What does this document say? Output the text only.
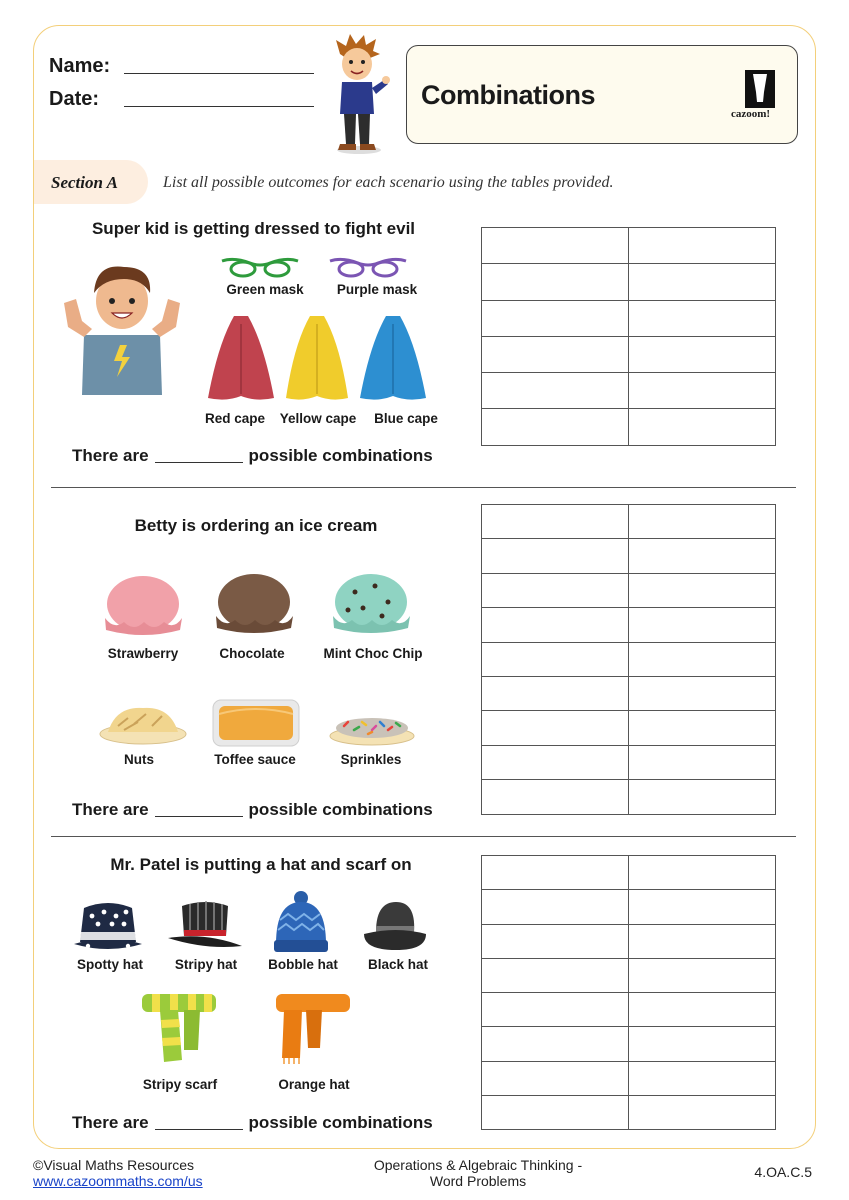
Name:
Date:	Combinations
cazoom!
Section A	List all possible outcomes for each scenario using the tables provided.
Super kid is getting dressed to fight evil
Green mask	Purple mask
Red cape	Yellow cape	Blue cape
There are	possible combinations

Betty is ordering an ice cream
Strawberry	Chocolate	Mint Choc Chip
Nuts	Toffee sauce	Sprinkles
There are	possible combinations

Mr. Patel is putting a hat and scarf on
Spotty hat	Stripy hat	Bobble hat	Black hat
Stripy scarf	Orange hat
There are	possible combinations

©Visual Maths Resources
www.cazoommaths.com/us
Operations & Algebraic Thinking -
Word Problems
4.OA.C.5
